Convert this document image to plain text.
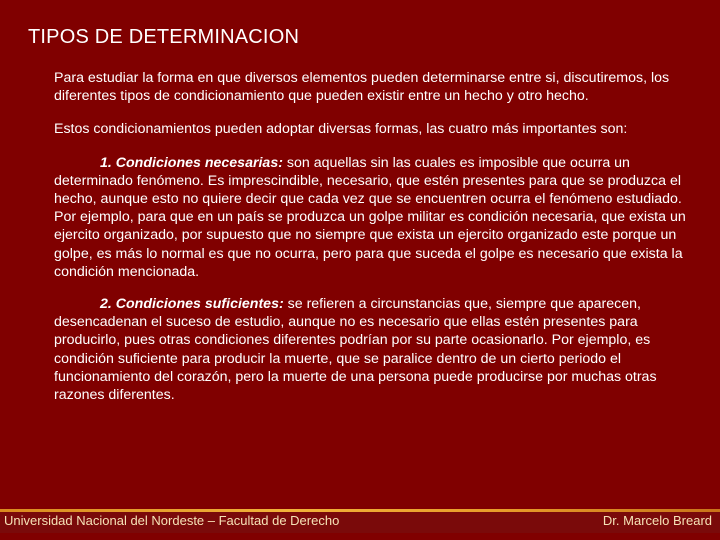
TIPOS DE DETERMINACION

Para estudiar la forma en que diversos elementos pueden determinarse entre si, discutiremos, los diferentes tipos de condicionamiento que pueden existir entre un hecho y otro hecho.

Estos condicionamientos pueden adoptar diversas formas, las cuatro más importantes son:

1. Condiciones necesarias: son aquellas sin las cuales es imposible que ocurra un determinado fenómeno. Es imprescindible, necesario, que estén presentes para que se produzca el hecho, aunque esto no quiere decir que cada vez que se encuentren ocurra el fenómeno estudiado. Por ejemplo, para que en un país se produzca un golpe militar es condición necesaria, que exista un ejercito organizado, por supuesto que no siempre que exista un ejercito organizado este porque un golpe, es más lo normal es que no ocurra, pero para que suceda el golpe es necesario que exista la condición mencionada.

2. Condiciones suficientes: se refieren a circunstancias que, siempre que aparecen, desencadenan el suceso de estudio, aunque no es necesario que ellas estén presentes para producirlo, pues otras condiciones diferentes podrían por su parte ocasionarlo. Por ejemplo, es condición suficiente para producir la muerte, que se paralice dentro de un cierto periodo el funcionamiento del corazón, pero la muerte de una persona puede producirse por muchas otras razones diferentes.

Universidad Nacional del Nordeste – Facultad de Derecho	Dr. Marcelo Breard
